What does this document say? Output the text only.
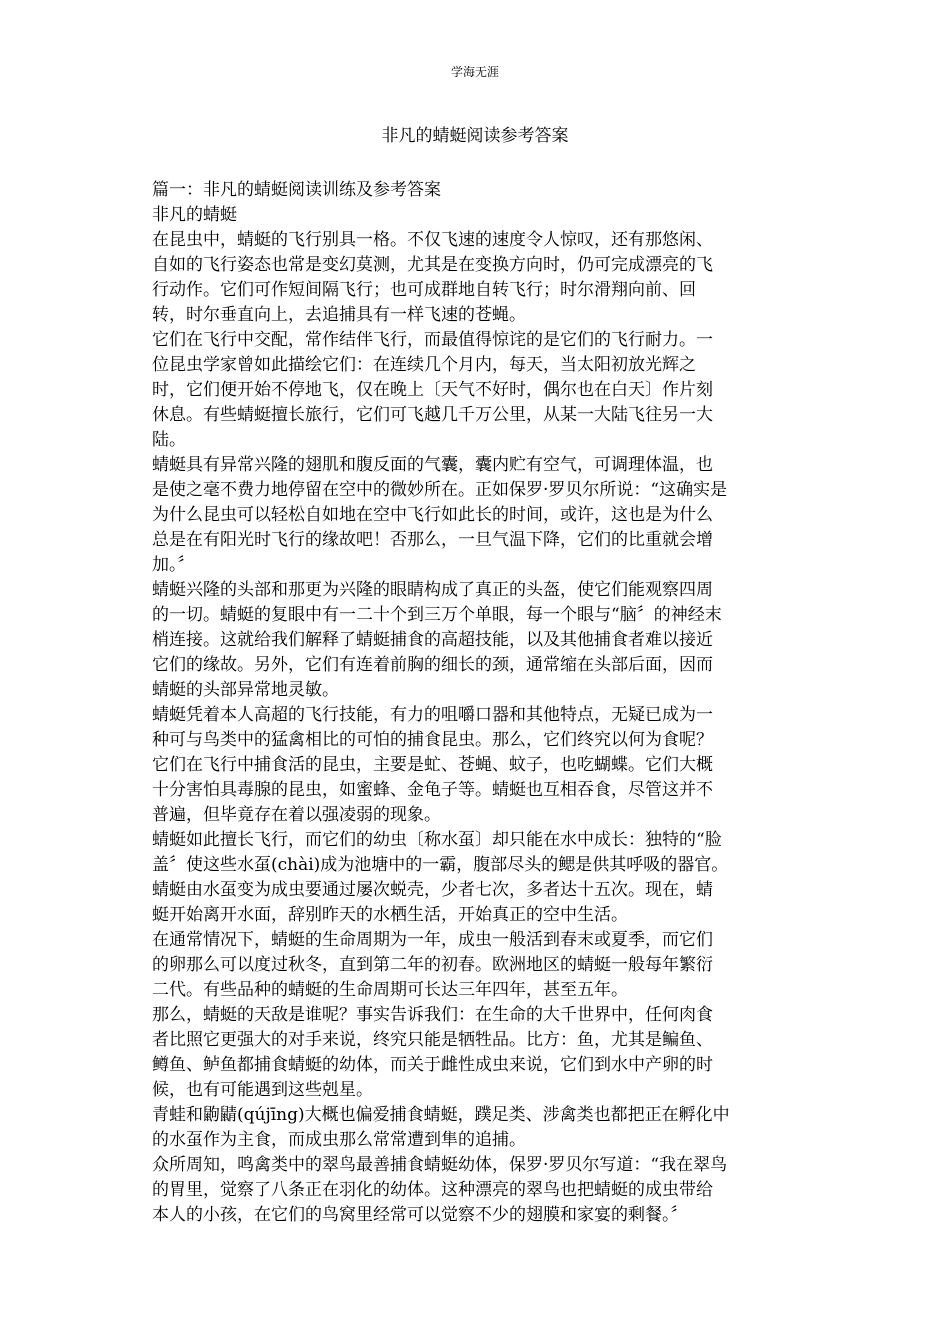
学海无涯
非凡的蜻蜓阅读参考答案

篇一：非凡的蜻蜓阅读训练及参考答案

非凡的蜻蜓

在昆虫中，蜻蜓的飞行别具一格。不仅飞速的速度令人惊叹，还有那悠闲、
自如的飞行姿态也常是变幻莫测，尤其是在变换方向时，仍可完成漂亮的飞
行动作。它们可作短间隔飞行；也可成群地自转飞行；时尔滑翔向前、回
转，时尔垂直向上，去追捕具有一样飞速的苍蝇。

它们在飞行中交配，常作结伴飞行，而最值得惊诧的是它们的飞行耐力。一
位昆虫学家曾如此描绘它们：在连续几个月内，每天，当太阳初放光辉之
时，它们便开始不停地飞，仅在晚上〔天气不好时，偶尔也在白天〕作片刻
休息。有些蜻蜓擅长旅行，它们可飞越几千万公里，从某一大陆飞往另一大
陆。

蜻蜓具有异常兴隆的翅肌和腹反面的气囊，囊内贮有空气，可调理体温，也
是使之毫不费力地停留在空中的微妙所在。正如保罗·罗贝尔所说：“这确实是
为什么昆虫可以轻松自如地在空中飞行如此长的时间，或许，这也是为什么
总是在有阳光时飞行的缘故吧！否那么，一旦气温下降，它们的比重就会增
加。〞

蜻蜓兴隆的头部和那更为兴隆的眼睛构成了真正的头盔，使它们能观察四周
的一切。蜻蜓的复眼中有一二十个到三万个单眼，每一个眼与“脑〞的神经末
梢连接。这就给我们解释了蜻蜓捕食的高超技能，以及其他捕食者难以接近
它们的缘故。另外，它们有连着前胸的细长的颈，通常缩在头部后面，因而
蜻蜓的头部异常地灵敏。

蜻蜓凭着本人高超的飞行技能，有力的咀嚼口器和其他特点，无疑已成为一
种可与鸟类中的猛禽相比的可怕的捕食昆虫。那么，它们终究以何为食呢？
它们在飞行中捕食活的昆虫，主要是虻、苍蝇、蚊子，也吃蝴蝶。它们大概
十分害怕具毒腺的昆虫，如蜜蜂、金龟子等。蜻蜓也互相吞食，尽管这并不
普遍，但毕竟存在着以强凌弱的现象。

蜻蜓如此擅长飞行，而它们的幼虫〔称水虿〕却只能在水中成长：独特的“脸
盖〞使这些水虿(chài)成为池塘中的一霸，腹部尽头的鳃是供其呼吸的器官。
蜻蜓由水虿变为成虫要通过屡次蜕壳，少者七次，多者达十五次。现在，蜻
蜓开始离开水面，辞别昨天的水栖生活，开始真正的空中生活。

在通常情况下，蜻蜓的生命周期为一年，成虫一般活到春末或夏季，而它们
的卵那么可以度过秋冬，直到第二年的初春。欧洲地区的蜻蜓一般每年繁衍
二代。有些品种的蜻蜓的生命周期可长达三年四年，甚至五年。

那么，蜻蜓的天敌是谁呢？事实告诉我们：在生命的大千世界中，任何肉食
者比照它更强大的对手来说，终究只能是牺牲品。比方：鱼，尤其是鳊鱼、
鳟鱼、鲈鱼都捕食蜻蜓的幼体，而关于雌性成虫来说，它们到水中产卵的时
候，也有可能遇到这些剋星。

青蛙和鼩鼱(qújīng)大概也偏爱捕食蜻蜓，蹼足类、涉禽类也都把正在孵化中
的水虿作为主食，而成虫那么常常遭到隼的追捕。

众所周知，鸣禽类中的翠鸟最善捕食蜻蜓幼体，保罗·罗贝尔写道：“我在翠鸟
的胃里，觉察了八条正在羽化的幼体。这种漂亮的翠鸟也把蜻蜓的成虫带给
本人的小孩，在它们的鸟窝里经常可以觉察不少的翅膜和家宴的剩餐。〞
